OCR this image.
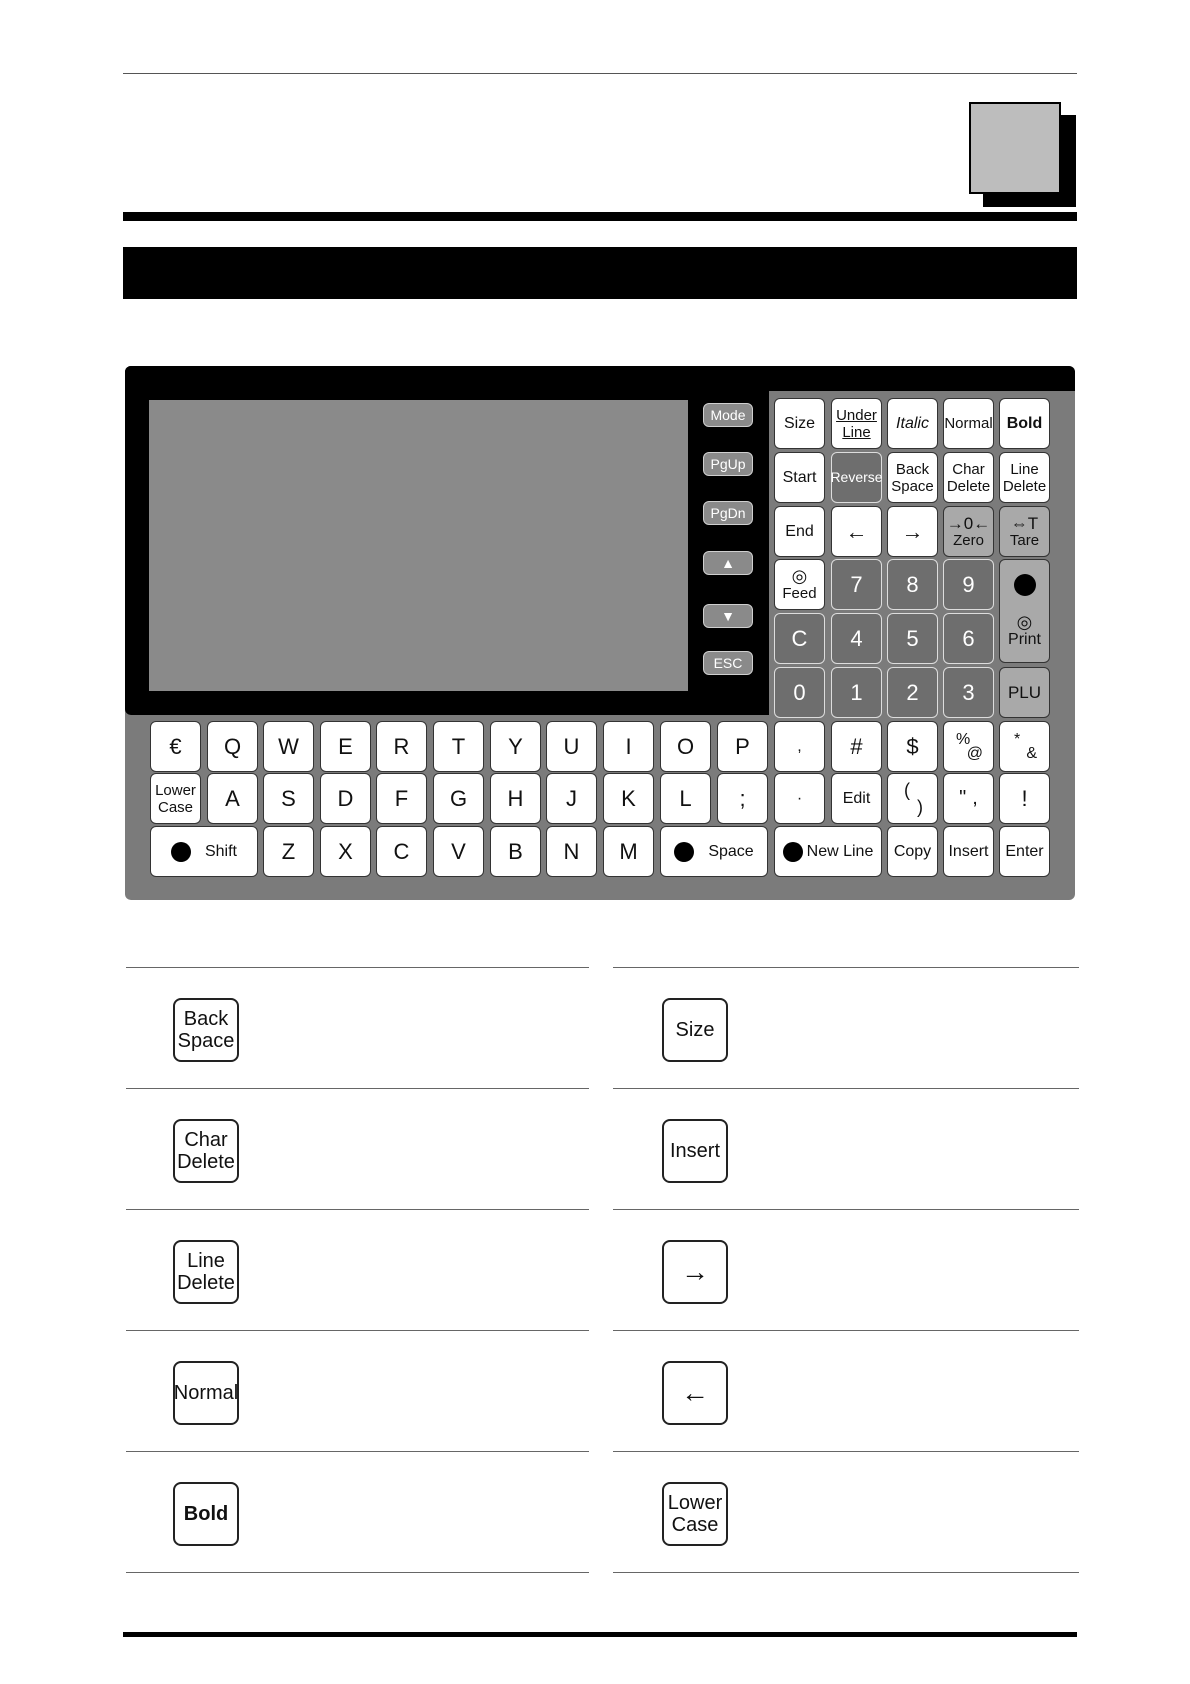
Mode
PgUp
PgDn
▲
▼
ESC
Size Under
Line Italic Normal Bold
Start Reverse Back
Space
Char
Delete
Line
Delete
End ← → →0←
Zero
⇔T
Tare
◎
Feed 7 8 9
◎
Print
C 4 5 6
0 1 2 3 PLU
€ Q W E R T Y U I O P	, # $ %
@
*
&
Lower
Case A S D F G H J K L ;	·	Edit (
) " , !
Shift Z X C V B N M	Space	New Line Copy Insert Enter
Back
Space
Char
Delete
Line
Delete
Normal
Bold
Size
Insert
→
←
Lower
Case
